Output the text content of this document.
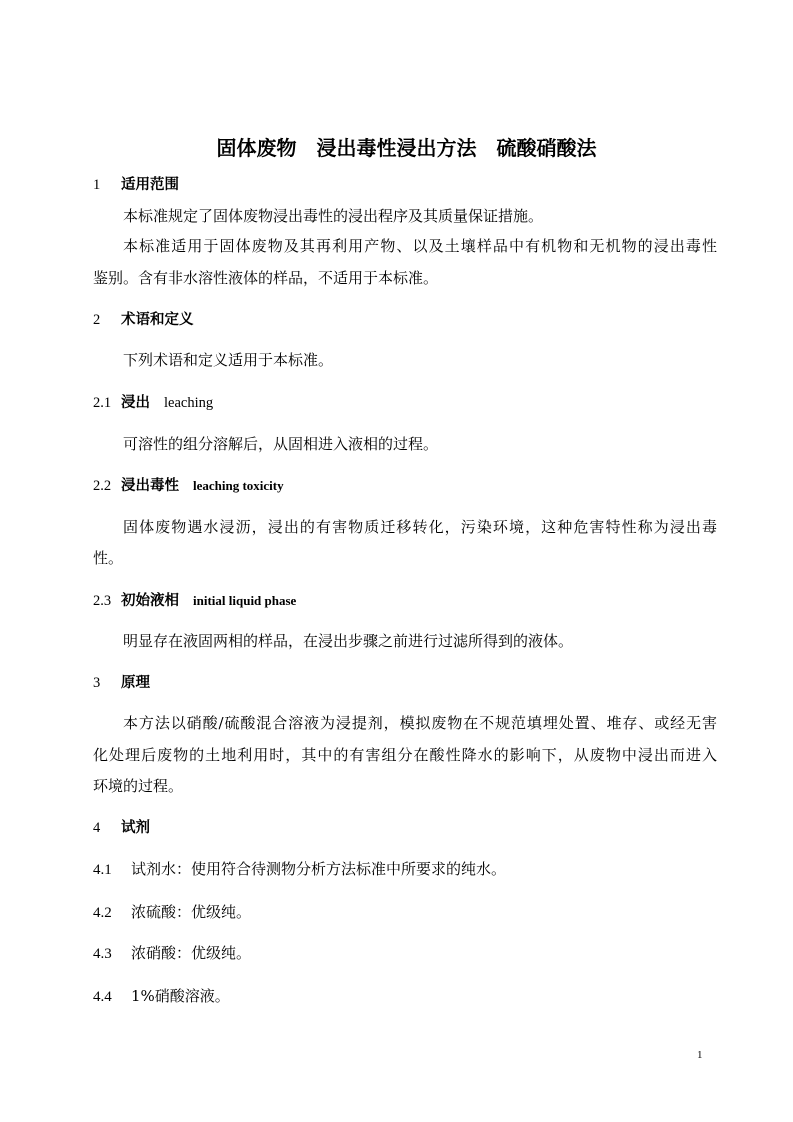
固体废物　浸出毒性浸出方法　硫酸硝酸法
1 适用范围
本标准规定了固体废物浸出毒性的浸出程序及其质量保证措施。
本标准适用于固体废物及其再利用产物、以及土壤样品中有机物和无机物的浸出毒性
鉴别。含有非水溶性液体的样品，不适用于本标准。
2 术语和定义
下列术语和定义适用于本标准。
2.1 浸出 leaching
可溶性的组分溶解后，从固相进入液相的过程。
2.2 浸出毒性 leaching toxicity
固体废物遇水浸沥，浸出的有害物质迁移转化，污染环境，这种危害特性称为浸出毒
性。
2.3 初始液相 initial liquid phase
明显存在液固两相的样品，在浸出步骤之前进行过滤所得到的液体。
3 原理
本方法以硝酸/硫酸混合溶液为浸提剂，模拟废物在不规范填埋处置、堆存、或经无害
化处理后废物的土地利用时，其中的有害组分在酸性降水的影响下，从废物中浸出而进入
环境的过程。
4 试剂
4.1 试剂水：使用符合待测物分析方法标准中所要求的纯水。
4.2 浓硫酸：优级纯。
4.3 浓硝酸：优级纯。
4.4 1%硝酸溶液。
1
